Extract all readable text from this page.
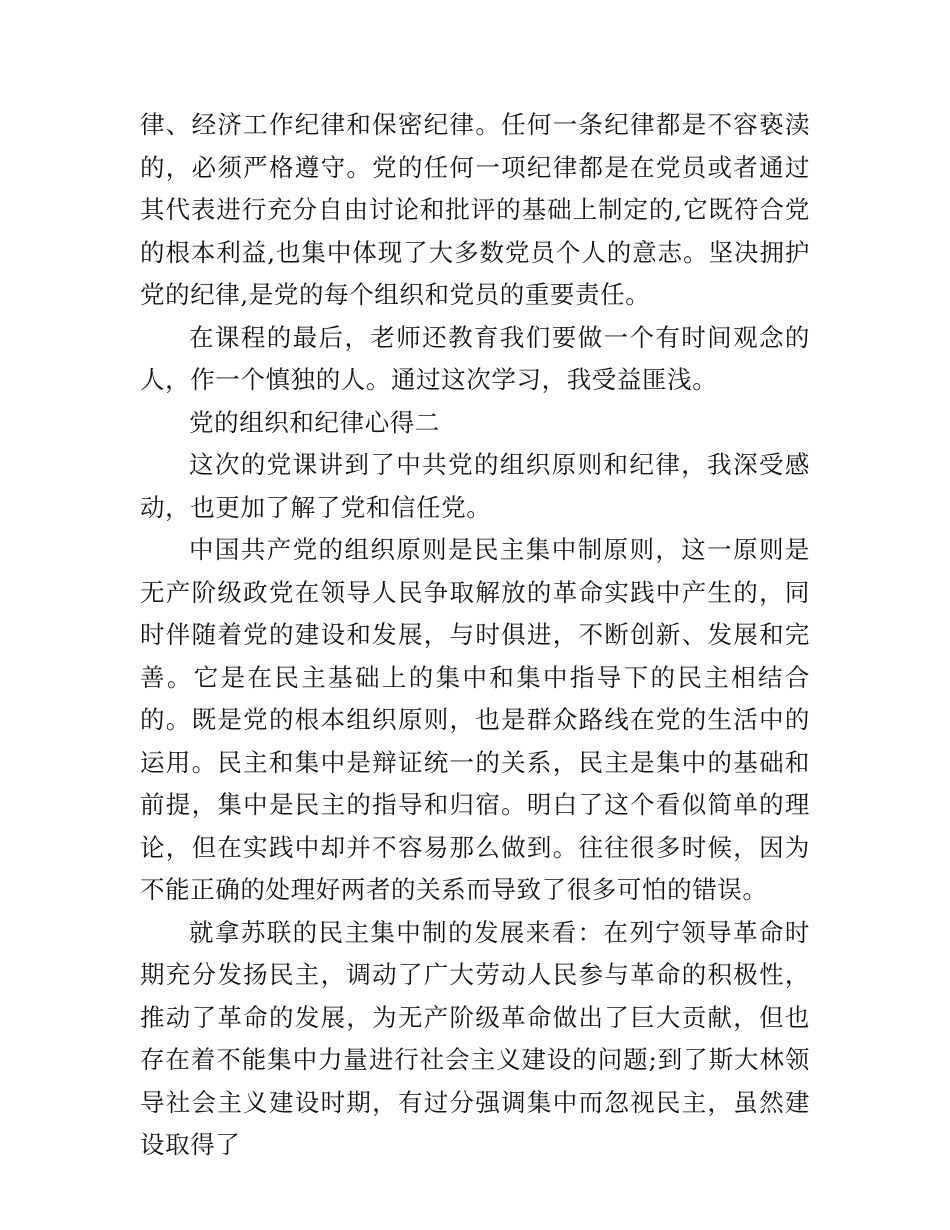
律、经济工作纪律和保密纪律。任何一条纪律都是不容亵渎的，必须严格遵守。党的任何一项纪律都是在党员或者通过其代表进行充分自由讨论和批评的基础上制定的,它既符合党的根本利益,也集中体现了大多数党员个人的意志。坚决拥护党的纪律,是党的每个组织和党员的重要责任。

在课程的最后，老师还教育我们要做一个有时间观念的人，作一个慎独的人。通过这次学习，我受益匪浅。

党的组织和纪律心得二

这次的党课讲到了中共党的组织原则和纪律，我深受感动，也更加了解了党和信任党。

中国共产党的组织原则是民主集中制原则，这一原则是无产阶级政党在领导人民争取解放的革命实践中产生的，同时伴随着党的建设和发展，与时俱进，不断创新、发展和完善。它是在民主基础上的集中和集中指导下的民主相结合的。既是党的根本组织原则，也是群众路线在党的生活中的运用。民主和集中是辩证统一的关系，民主是集中的基础和前提，集中是民主的指导和归宿。明白了这个看似简单的理论，但在实践中却并不容易那么做到。往往很多时候，因为不能正确的处理好两者的关系而导致了很多可怕的错误。

就拿苏联的民主集中制的发展来看：在列宁领导革命时期充分发扬民主，调动了广大劳动人民参与革命的积极性，推动了革命的发展，为无产阶级革命做出了巨大贡献，但也存在着不能集中力量进行社会主义建设的问题;到了斯大林领导社会主义建设时期，有过分强调集中而忽视民主，虽然建设取得了
